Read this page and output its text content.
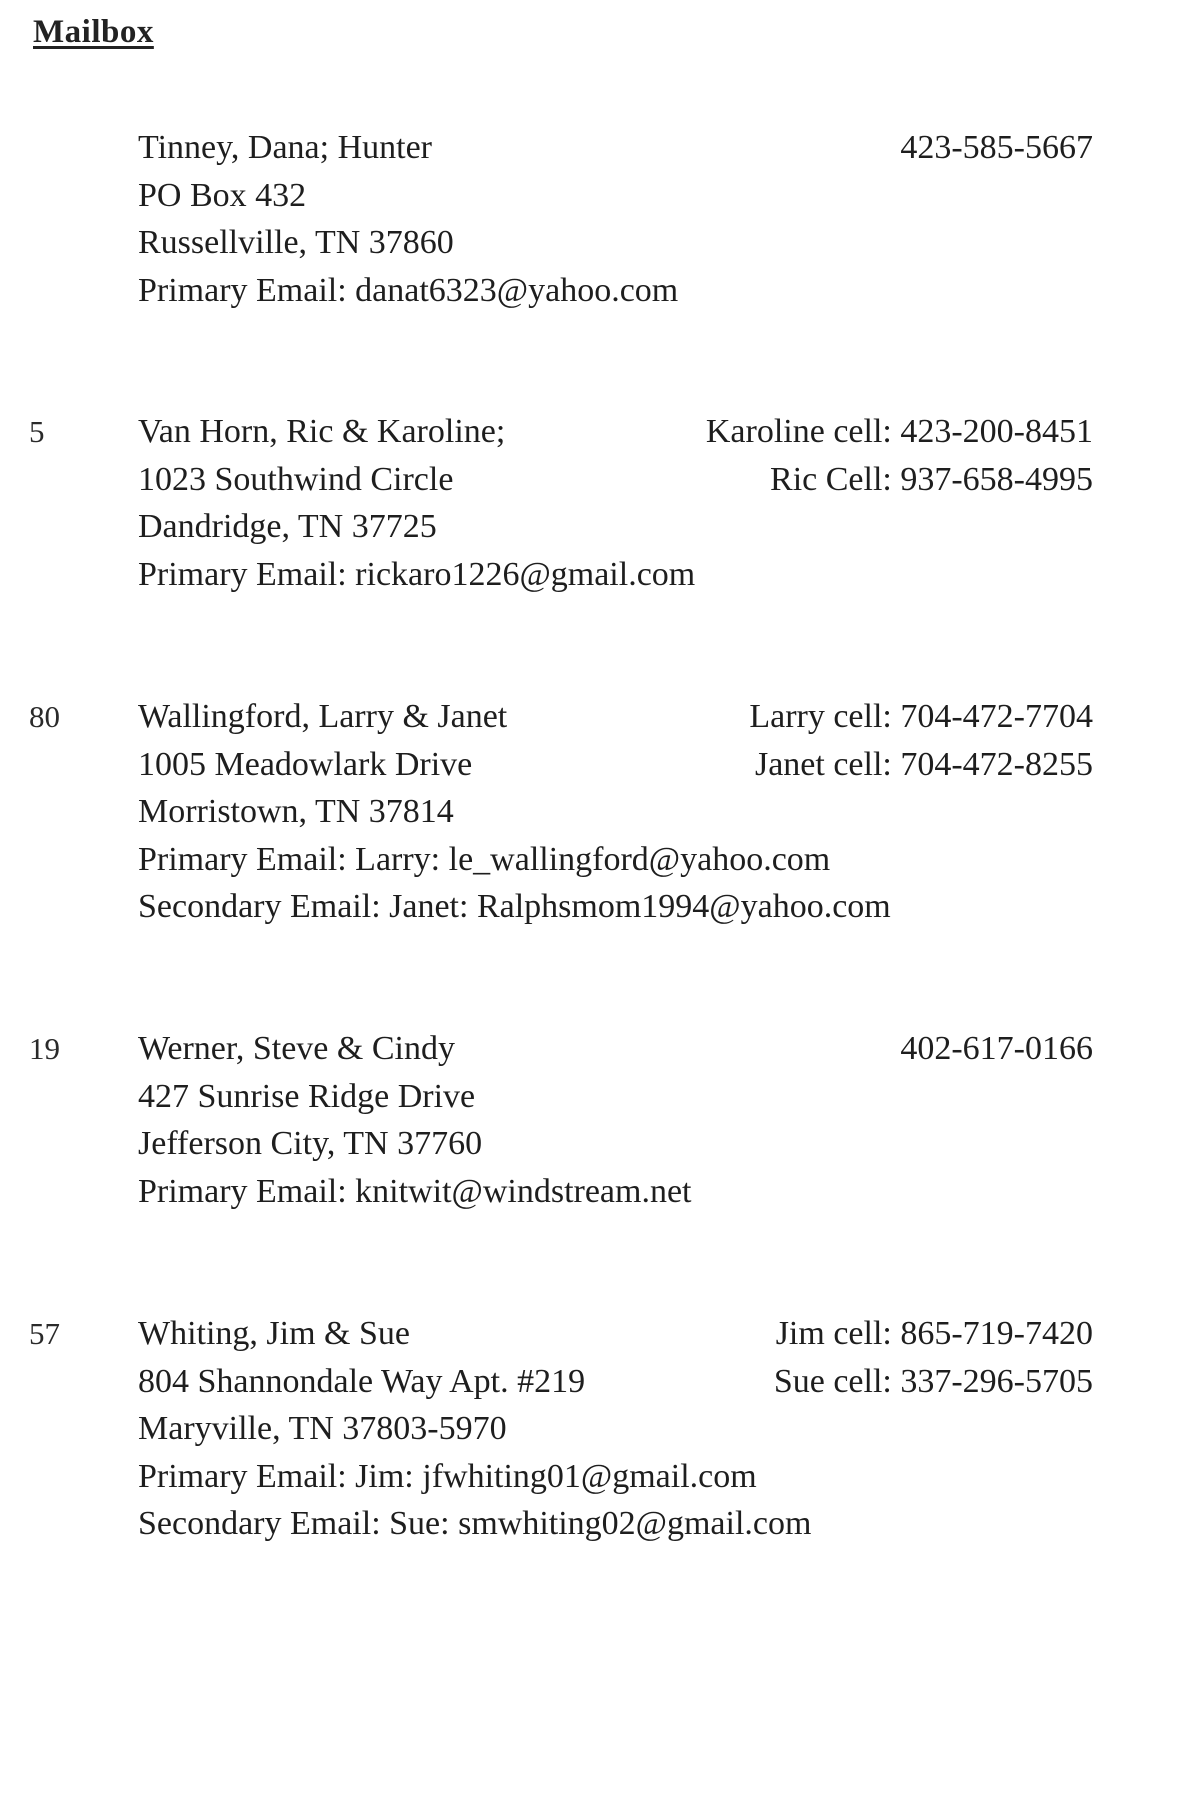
Mailbox
Tinney, Dana; Hunter
PO Box 432
Russellville, TN 37860
Primary Email: danat6323@yahoo.com
423-585-5667
5	Van Horn, Ric & Karoline;
1023 Southwind Circle
Dandridge, TN 37725
Primary Email: rickaro1226@gmail.com
Karoline cell: 423-200-8451
Ric Cell: 937-658-4995
80 Wallingford, Larry & Janet
1005 Meadowlark Drive
Morristown, TN 37814
Primary Email: Larry: le_wallingford@yahoo.com
Secondary Email: Janet: Ralphsmom1994@yahoo.com
Larry cell: 704-472-7704
Janet cell: 704-472-8255
19 Werner, Steve & Cindy
427 Sunrise Ridge Drive
Jefferson City, TN 37760
Primary Email: knitwit@windstream.net
402-617-0166
57 Whiting, Jim & Sue
804 Shannondale Way Apt. #219
Maryville, TN 37803-5970
Primary Email: Jim: jfwhiting01@gmail.com
Secondary Email: Sue: smwhiting02@gmail.com
Jim cell: 865-719-7420
Sue cell: 337-296-5705
